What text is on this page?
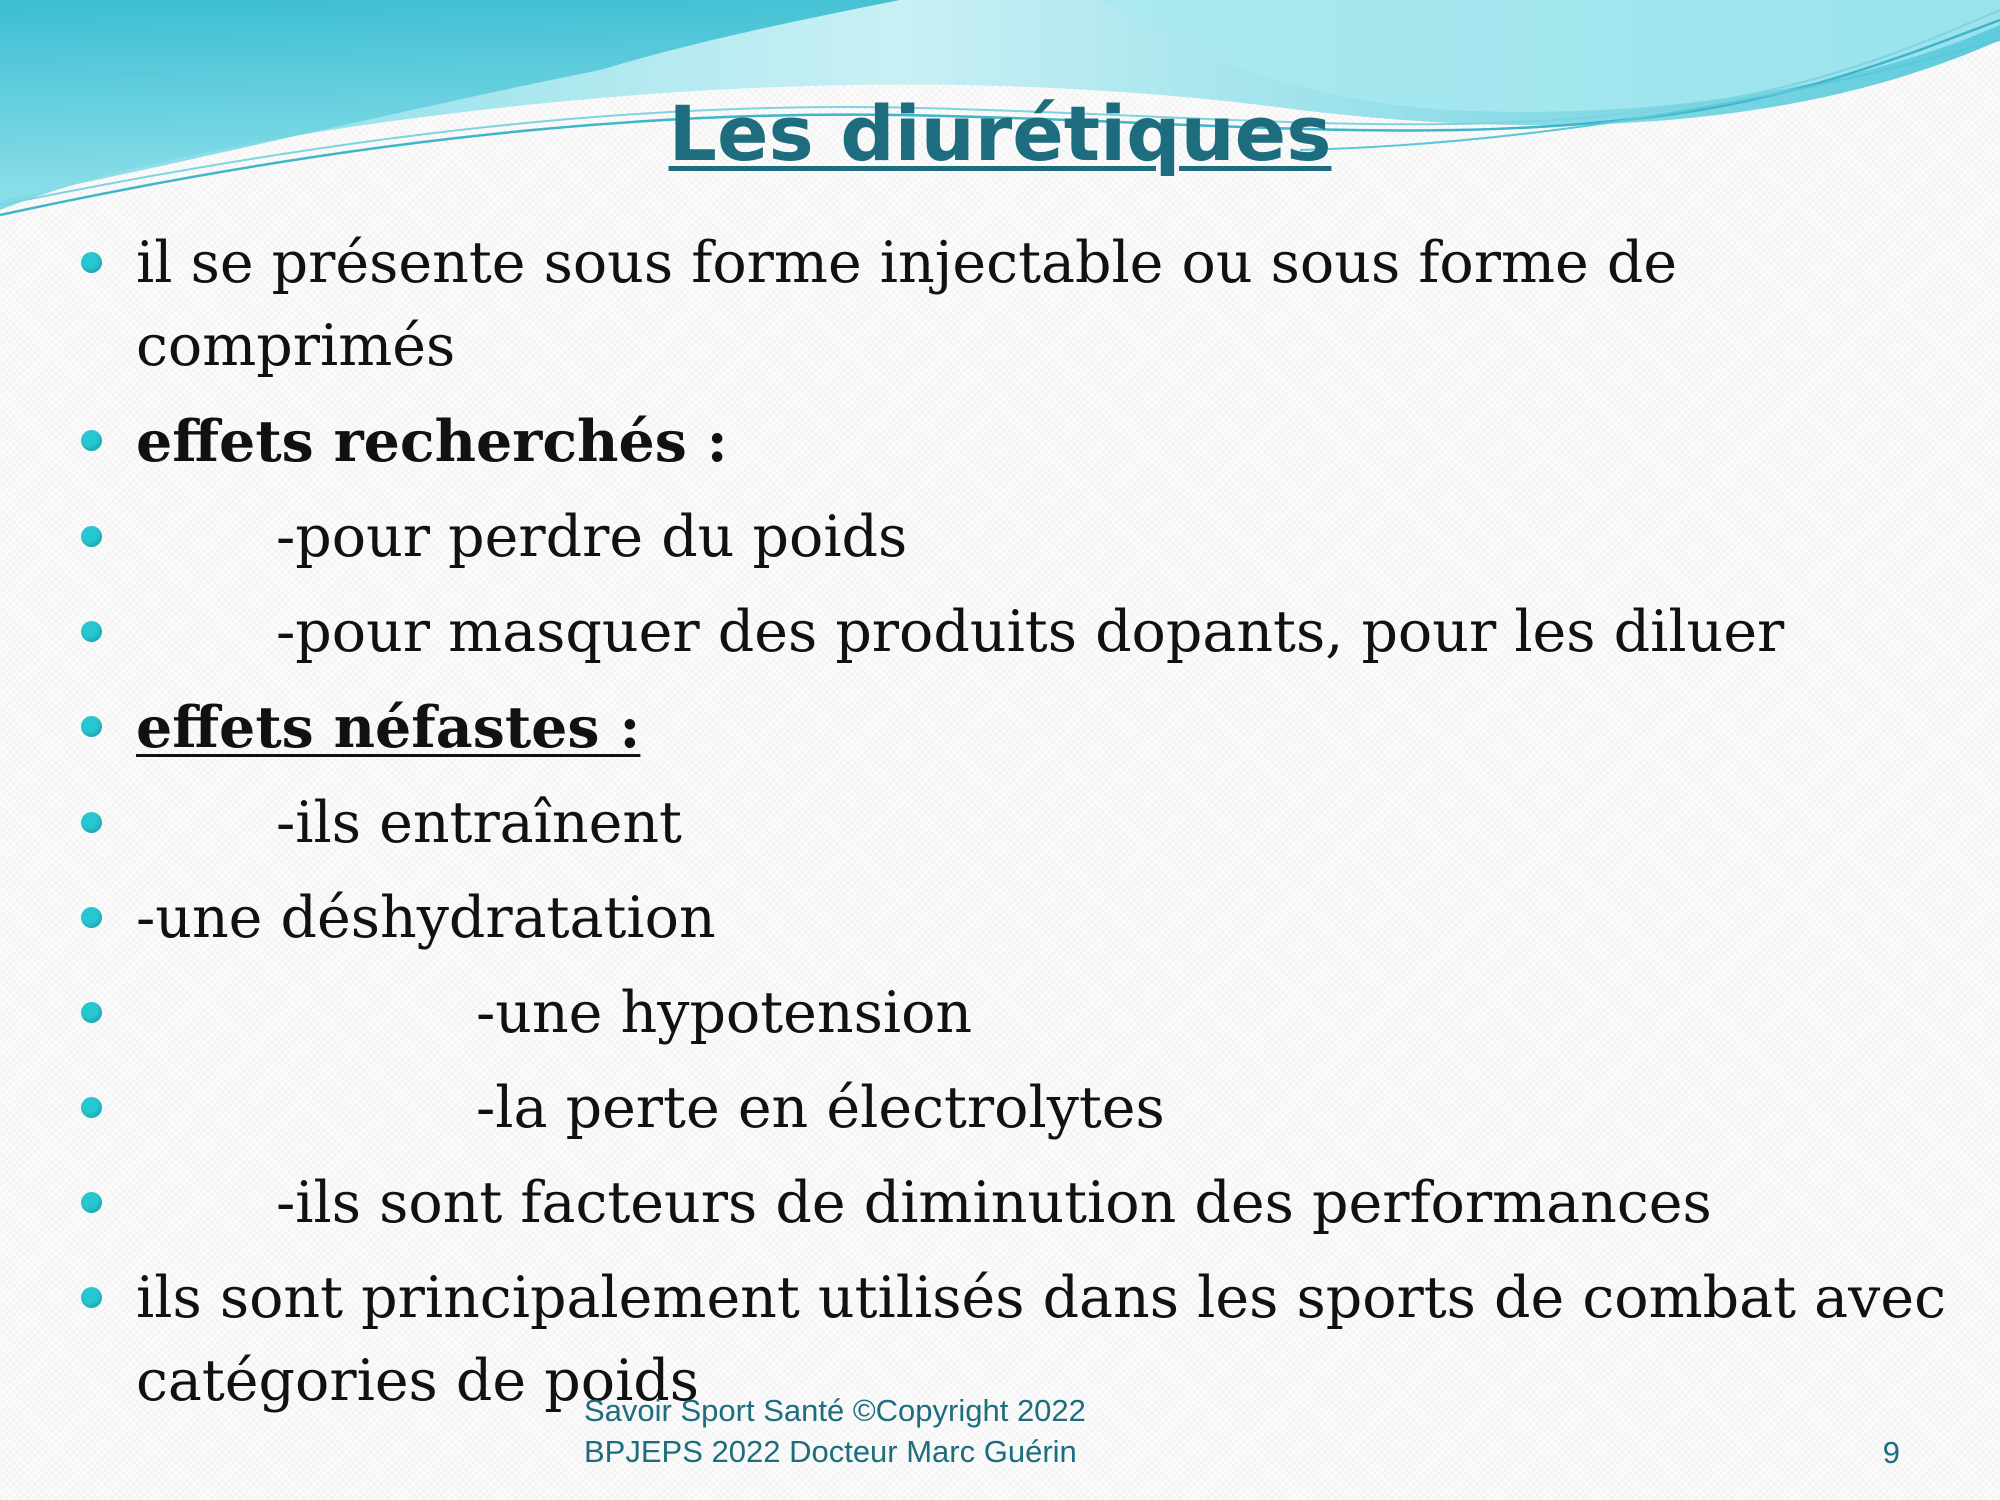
Les diurétiques
il se présente sous forme injectable ou sous forme de comprimés
effets recherchés :
-pour perdre du poids
-pour masquer des produits dopants, pour les diluer
effets néfastes :
-ils entraînent
-une déshydratation
-une hypotension
-la perte en électrolytes
-ils sont facteurs de diminution des performances
ils sont principalement utilisés dans les sports de combat avec catégories de poids
Savoir Sport Santé ©Copyright 2022
BPJEPS 2022 Docteur Marc Guérin	9
